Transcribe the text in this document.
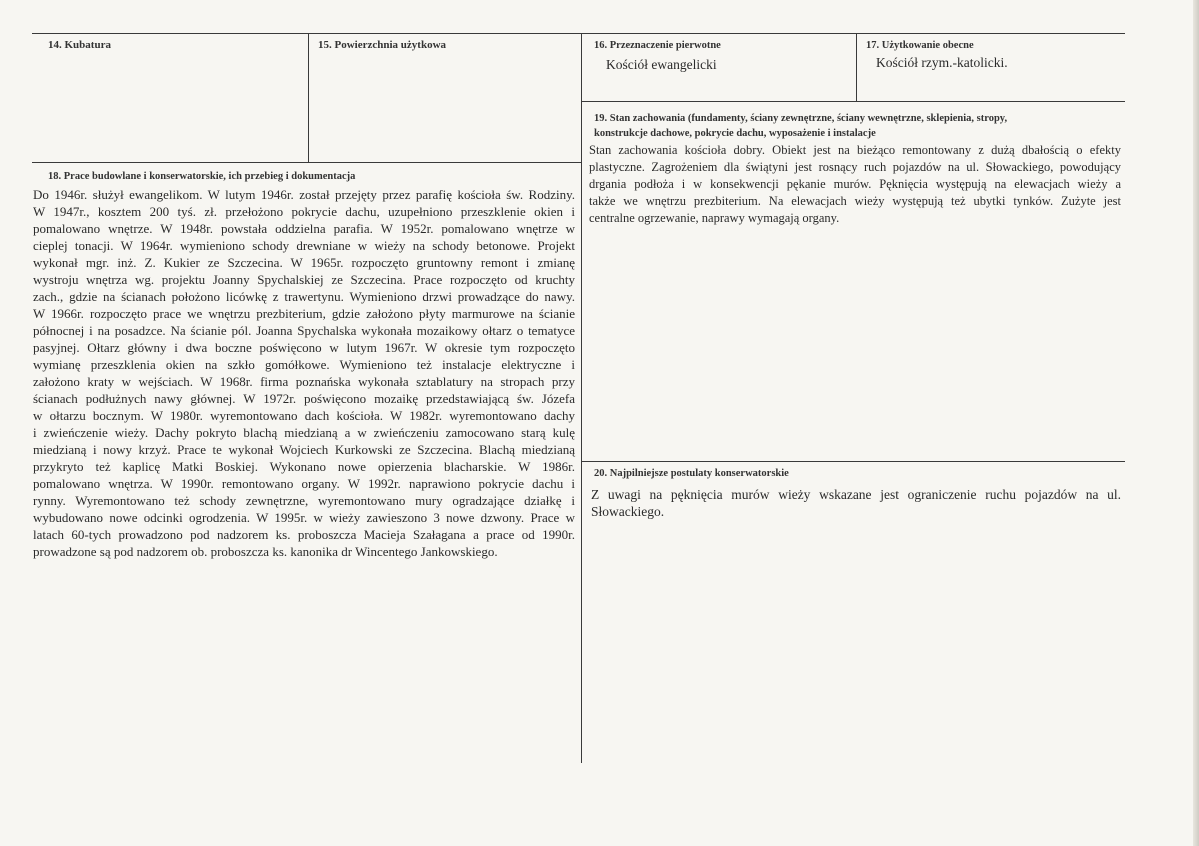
14. Kubatura	15. Powierzchnia użytkowa	16. Przeznaczenie pierwotne
Kościół ewangelicki
17. Użytkowanie obecne
Kościół rzym.-katolicki.
18. Prace budowlane i konserwatorskie, ich przebieg i dokumentacja
Do 1946r. służył ewangelikom. W lutym 1946r. został przejęty przez parafię kościoła św. Rodziny.
W 1947r., kosztem 200 tyś. zł. przełożono pokrycie dachu, uzupełniono przeszklenie okien i
pomalowano wnętrze. W 1948r. powstała oddzielna parafia. W 1952r. pomalowano wnętrze w
cieplej tonacji. W 1964r. wymieniono schody drewniane w wieży na schody betonowe. Projekt
wykonał mgr. inż. Z. Kukier ze Szczecina. W 1965r. rozpoczęto gruntowny remont i zmianę
wystroju wnętrza wg. projektu Joanny Spychalskiej ze Szczecina. Prace rozpoczęto od kruchty
zach., gdzie na ścianach położono licówkę z trawertynu. Wymieniono drzwi prowadzące do nawy.
W 1966r. rozpoczęto prace we wnętrzu prezbiterium, gdzie założono płyty marmurowe na ścianie
północnej i na posadzce. Na ścianie pól. Joanna Spychalska wykonała mozaikowy ołtarz o tematyce
pasyjnej. Ołtarz główny i dwa boczne poświęcono w lutym 1967r. W okresie tym rozpoczęto
wymianę przeszklenia okien na szkło gomółkowe. Wymieniono też instalacje elektryczne i
założono kraty w wejściach. W 1968r. firma poznańska wykonała sztablatury na stropach przy
ścianach podłużnych nawy głównej. W 1972r. poświęcono mozaikę przedstawiającą św. Józefa
w ołtarzu bocznym. W 1980r. wyremontowano dach kościoła. W 1982r. wyremontowano dachy
i zwieńczenie wieży. Dachy pokryto blachą miedzianą a w zwieńczeniu zamocowano starą kulę
miedzianą i nowy krzyż. Prace te wykonał Wojciech Kurkowski ze Szczecina. Blachą miedzianą
przykryto też kaplicę Matki Boskiej. Wykonano nowe opierzenia blacharskie. W 1986r.
pomalowano wnętrza. W 1990r. remontowano organy. W 1992r. naprawiono pokrycie dachu i
rynny. Wyremontowano też schody zewnętrzne, wyremontowano mury ogradzające działkę i
wybudowano nowe odcinki ogrodzenia. W 1995r. w wieży zawieszono 3 nowe dzwony. Prace w
latach 60-tych prowadzono pod nadzorem ks. proboszcza Macieja Szałagana a prace od 1990r.
prowadzone są pod nadzorem ob. proboszcza ks. kanonika dr Wincentego Jankowskiego.
19. Stan zachowania (fundamenty, ściany zewnętrzne, ściany wewnętrzne, sklepienia, stropy,
konstrukcje dachowe, pokrycie dachu, wyposażenie i instalacje
Stan zachowania kościoła dobry. Obiekt jest na bieżąco remontowany z dużą dbałością o efekty
plastyczne. Zagrożeniem dla świątyni jest rosnący ruch pojazdów na ul. Słowackiego, powodujący
drgania podłoża i w konsekwencji pękanie murów. Pęknięcia występują na elewacjach wieży a
także we wnętrzu prezbiterium. Na elewacjach wieży występują też ubytki tynków. Zużyte jest
centralne ogrzewanie, naprawy wymagają organy.
20. Najpilniejsze postulaty konserwatorskie
Z uwagi na pęknięcia murów wieży wskazane jest ograniczenie ruchu pojazdów na ul.
Słowackiego.
